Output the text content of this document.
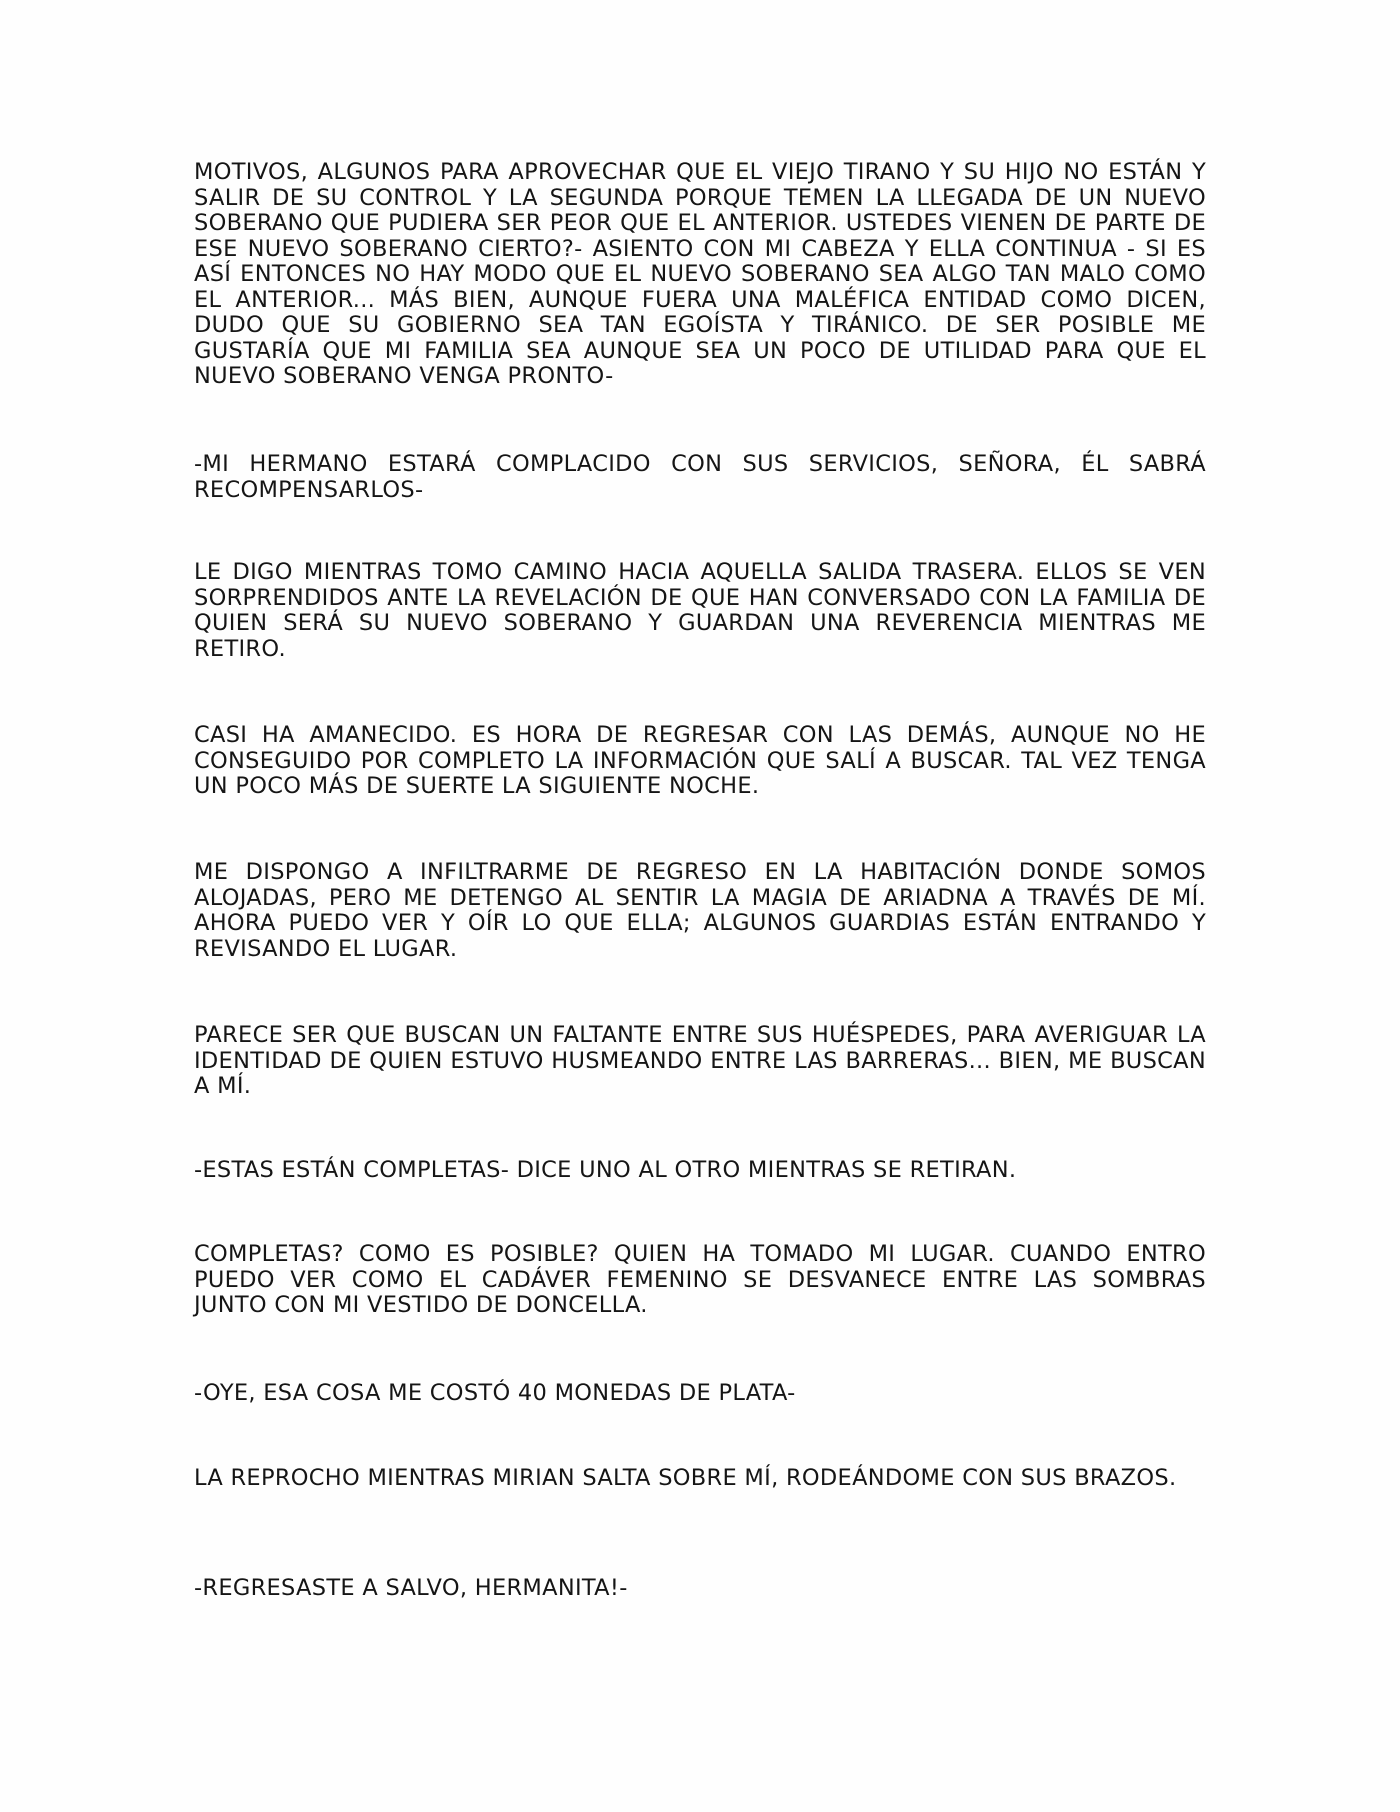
MOTIVOS, ALGUNOS PARA APROVECHAR QUE EL VIEJO TIRANO Y SU HIJO NO ESTÁN Y SALIR DE SU CONTROL Y LA SEGUNDA PORQUE TEMEN LA LLEGADA DE UN NUEVO SOBERANO QUE PUDIERA SER PEOR QUE EL ANTERIOR. USTEDES VIENEN DE PARTE DE ESE NUEVO SOBERANO CIERTO?- ASIENTO CON MI CABEZA Y ELLA CONTINUA - SI ES ASÍ ENTONCES NO HAY MODO QUE EL NUEVO SOBERANO SEA ALGO TAN MALO COMO EL ANTERIOR... MÁS BIEN, AUNQUE FUERA UNA MALÉFICA ENTIDAD COMO DICEN, DUDO QUE SU GOBIERNO SEA TAN EGOÍSTA Y TIRÁNICO. DE SER POSIBLE ME GUSTARÍA QUE MI FAMILIA SEA AUNQUE SEA UN POCO DE UTILIDAD PARA QUE EL NUEVO SOBERANO VENGA PRONTO-

-MI HERMANO ESTARÁ COMPLACIDO CON SUS SERVICIOS, SEÑORA, ÉL SABRÁ RECOMPENSARLOS-

LE DIGO MIENTRAS TOMO CAMINO HACIA AQUELLA SALIDA TRASERA. ELLOS SE VEN SORPRENDIDOS ANTE LA REVELACIÓN DE QUE HAN CONVERSADO CON LA FAMILIA DE QUIEN SERÁ SU NUEVO SOBERANO Y GUARDAN UNA REVERENCIA MIENTRAS ME RETIRO.

CASI HA AMANECIDO. ES HORA DE REGRESAR CON LAS DEMÁS, AUNQUE NO HE CONSEGUIDO POR COMPLETO LA INFORMACIÓN QUE SALÍ A BUSCAR. TAL VEZ TENGA UN POCO MÁS DE SUERTE LA SIGUIENTE NOCHE.

ME DISPONGO A INFILTRARME DE REGRESO EN LA HABITACIÓN DONDE SOMOS ALOJADAS, PERO ME DETENGO AL SENTIR LA MAGIA DE ARIADNA A TRAVÉS DE MÍ. AHORA PUEDO VER Y OÍR LO QUE ELLA; ALGUNOS GUARDIAS ESTÁN ENTRANDO Y REVISANDO EL LUGAR.

PARECE SER QUE BUSCAN UN FALTANTE ENTRE SUS HUÉSPEDES, PARA AVERIGUAR LA IDENTIDAD DE QUIEN ESTUVO HUSMEANDO ENTRE LAS BARRERAS... BIEN, ME BUSCAN A MÍ.

-ESTAS ESTÁN COMPLETAS- DICE UNO AL OTRO MIENTRAS SE RETIRAN.

COMPLETAS? COMO ES POSIBLE? QUIEN HA TOMADO MI LUGAR. CUANDO ENTRO PUEDO VER COMO EL CADÁVER FEMENINO SE DESVANECE ENTRE LAS SOMBRAS JUNTO CON MI VESTIDO DE DONCELLA.

-OYE, ESA COSA ME COSTÓ 40 MONEDAS DE PLATA-

LA REPROCHO MIENTRAS MIRIAN SALTA SOBRE MÍ, RODEÁNDOME CON SUS BRAZOS.

-REGRESASTE A SALVO, HERMANITA!-
